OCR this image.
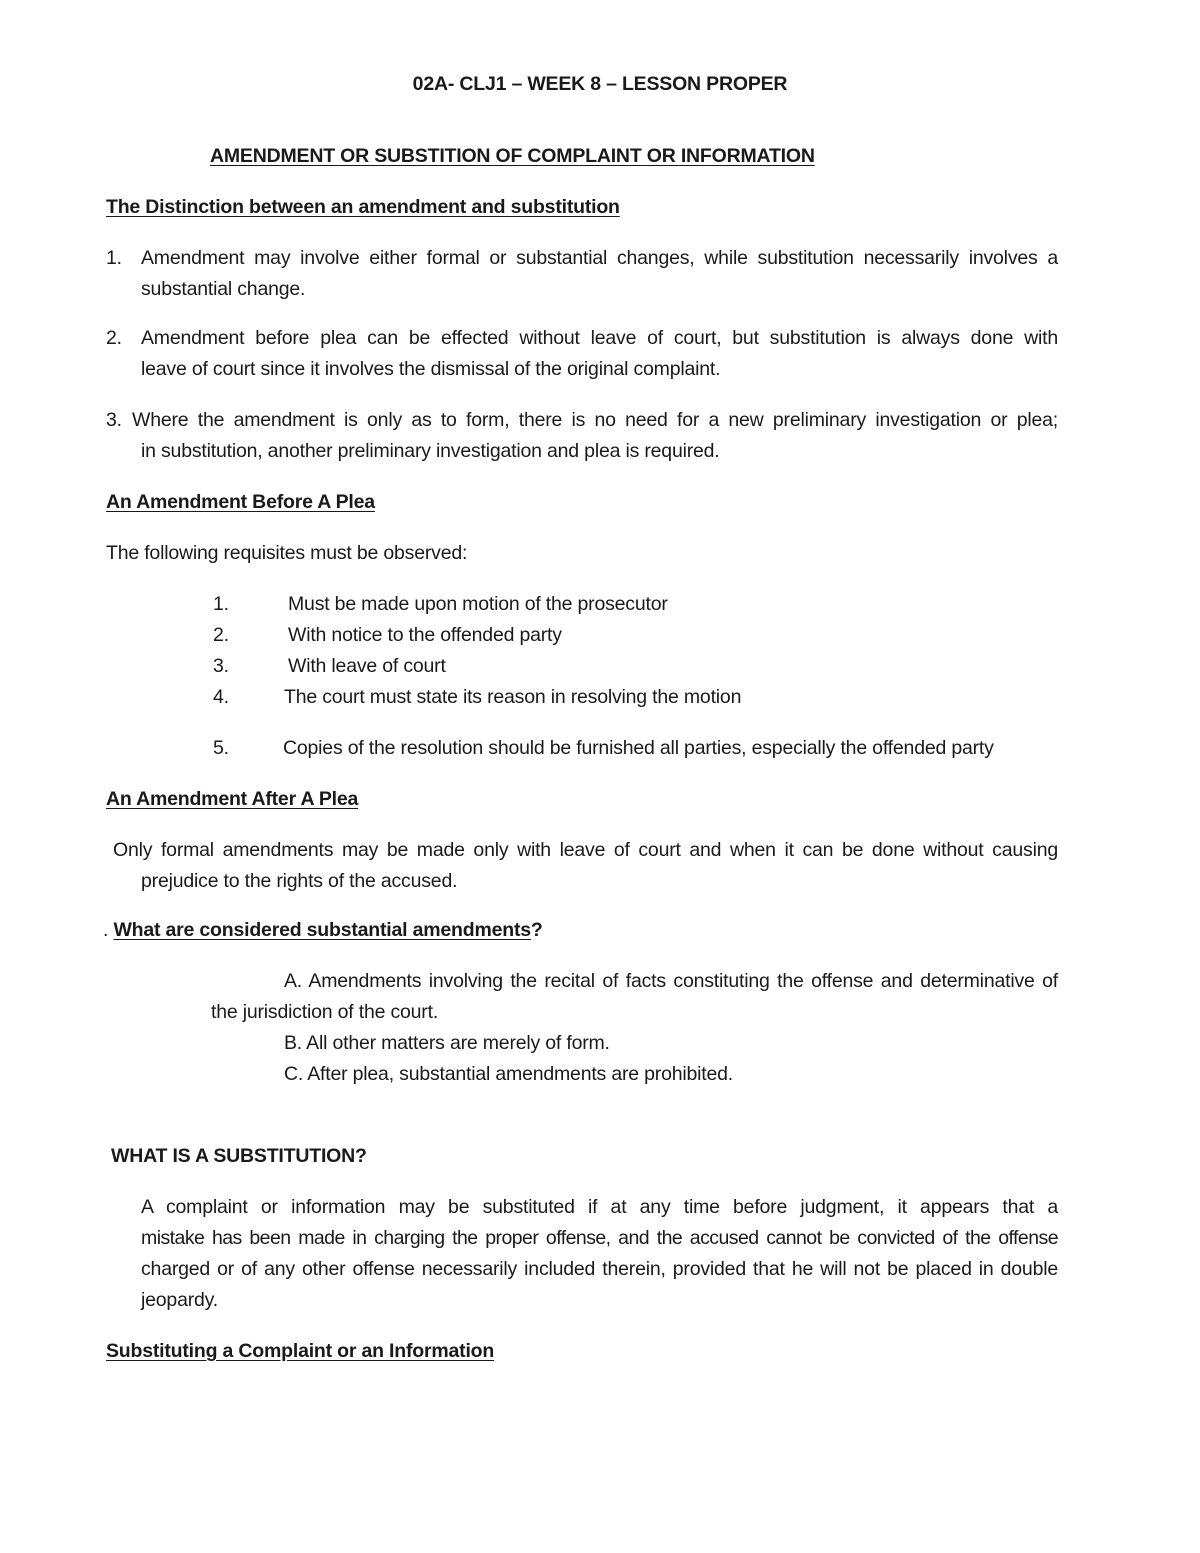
02A- CLJ1 – WEEK 8 – LESSON PROPER
AMENDMENT OR SUBSTITION OF COMPLAINT OR INFORMATION
The Distinction between an amendment and substitution
1. Amendment may involve either formal or substantial changes, while substitution necessarily involves a
substantial change.
2. Amendment before plea can be effected without leave of court, but substitution is always done with
leave of court since it involves the dismissal of the original complaint.
3. Where the amendment is only as to form, there is no need for a new preliminary investigation or plea;
in substitution, another preliminary investigation and plea is required.
An Amendment Before A Plea
The following requisites must be observed:
1.	Must be made upon motion of the prosecutor
2.	With notice to the offended party
3.	With leave of court
4.	The court must state its reason in resolving the motion
5.	Copies of the resolution should be furnished all parties, especially the offended party
An Amendment After A Plea
Only formal amendments may be made only with leave of court and when it can be done without causing
prejudice to the rights of the accused.
. What are considered substantial amendments?
A. Amendments involving the recital of facts constituting the offense and determinative of
the jurisdiction of the court.
B. All other matters are merely of form.
C. After plea, substantial amendments are prohibited.
WHAT IS A SUBSTITUTION?
A complaint or information may be substituted if at any time before judgment, it appears that a
mistake has been made in charging the proper offense, and the accused cannot be convicted of the offense
charged or of any other offense necessarily included therein, provided that he will not be placed in double
jeopardy.
Substituting a Complaint or an Information
